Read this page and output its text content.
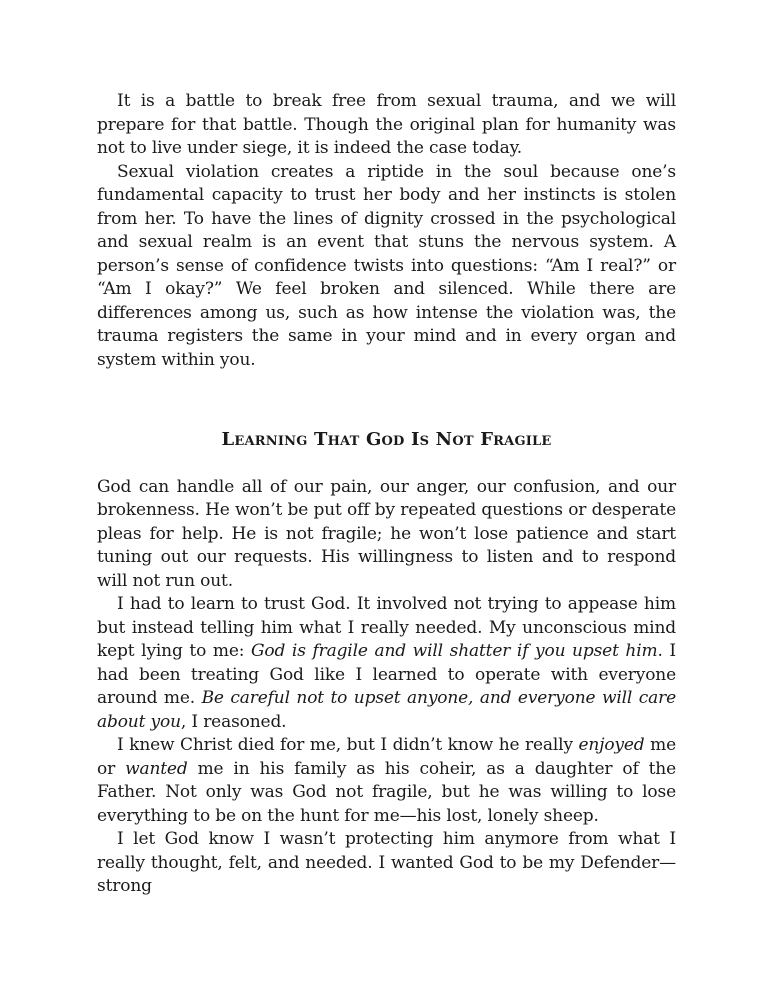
It is a battle to break free from sexual trauma, and we will prepare for that battle. Though the original plan for humanity was not to live under siege, it is indeed the case today.

Sexual violation creates a riptide in the soul because one’s fundamental capacity to trust her body and her instincts is stolen from her. To have the lines of dignity crossed in the psychological and sexual realm is an event that stuns the nervous system. A person’s sense of confidence twists into questions: “Am I real?” or “Am I okay?” We feel broken and silenced. While there are differences among us, such as how intense the violation was, the trauma registers the same in your mind and in every organ and system within you.

Learning That God Is Not Fragile

God can handle all of our pain, our anger, our confusion, and our brokenness. He won’t be put off by repeated questions or desperate pleas for help. He is not fragile; he won’t lose patience and start tuning out our requests. His willingness to listen and to respond will not run out.

I had to learn to trust God. It involved not trying to appease him but instead telling him what I really needed. My unconscious mind kept lying to me: God is fragile and will shatter if you upset him. I had been treating God like I learned to operate with everyone around me. Be careful not to upset anyone, and everyone will care about you, I reasoned.

I knew Christ died for me, but I didn’t know he really enjoyed me or wanted me in his family as his coheir, as a daughter of the Father. Not only was God not fragile, but he was willing to lose everything to be on the hunt for me—his lost, lonely sheep.

I let God know I wasn’t protecting him anymore from what I really thought, felt, and needed. I wanted God to be my Defender—strong
